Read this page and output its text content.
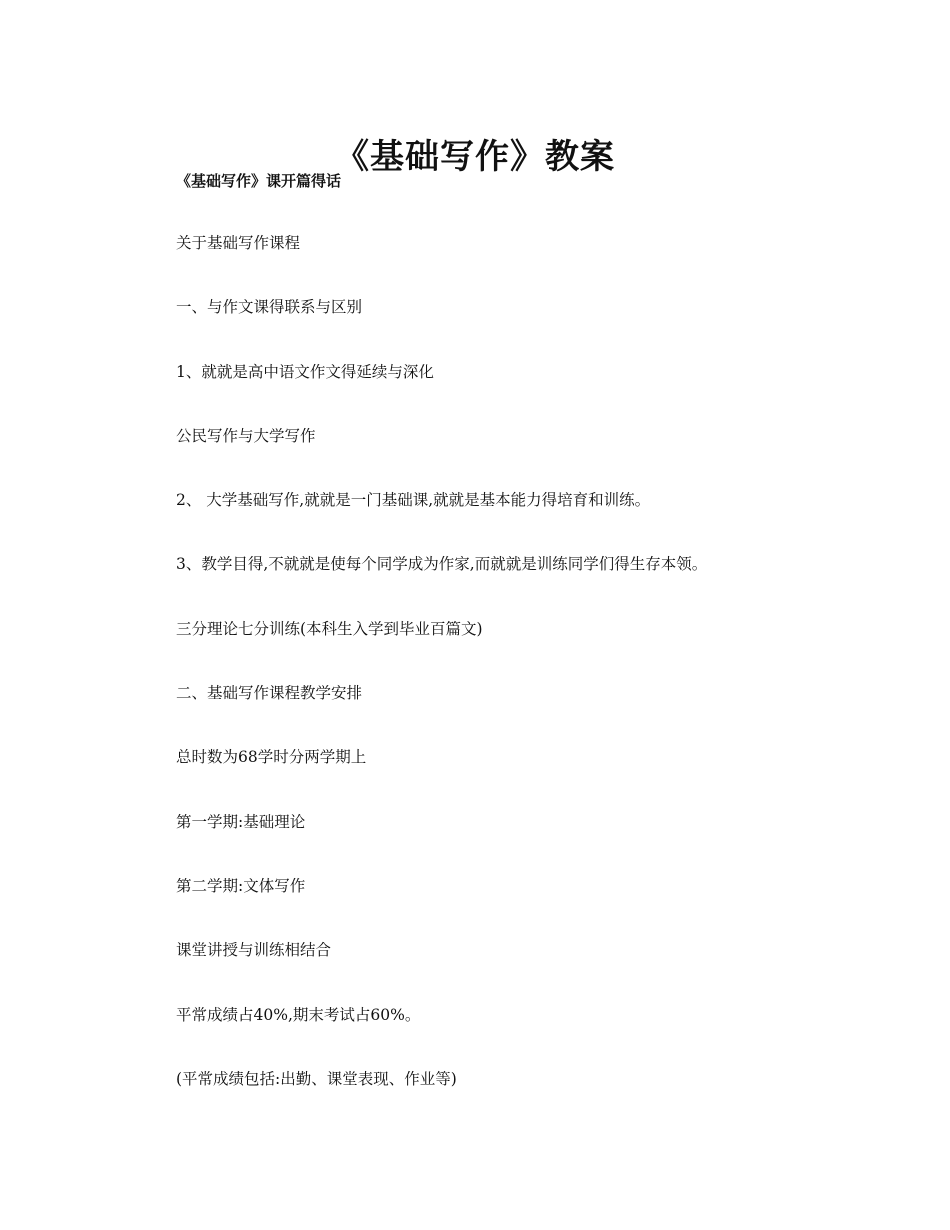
《基础写作》教案
《基础写作》课开篇得话
关于基础写作课程
一、与作文课得联系与区别
1、就就是高中语文作文得延续与深化
公民写作与大学写作
2、 大学基础写作,就就是一门基础课,就就是基本能力得培育和训练。
3、教学目得,不就就是使每个同学成为作家,而就就是训练同学们得生存本领。
三分理论七分训练(本科生入学到毕业百篇文)
二、基础写作课程教学安排
总时数为68学时分两学期上
第一学期:基础理论
第二学期:文体写作
课堂讲授与训练相结合
平常成绩占40%,期末考试占60%。
(平常成绩包括:出勤、课堂表现、作业等)
